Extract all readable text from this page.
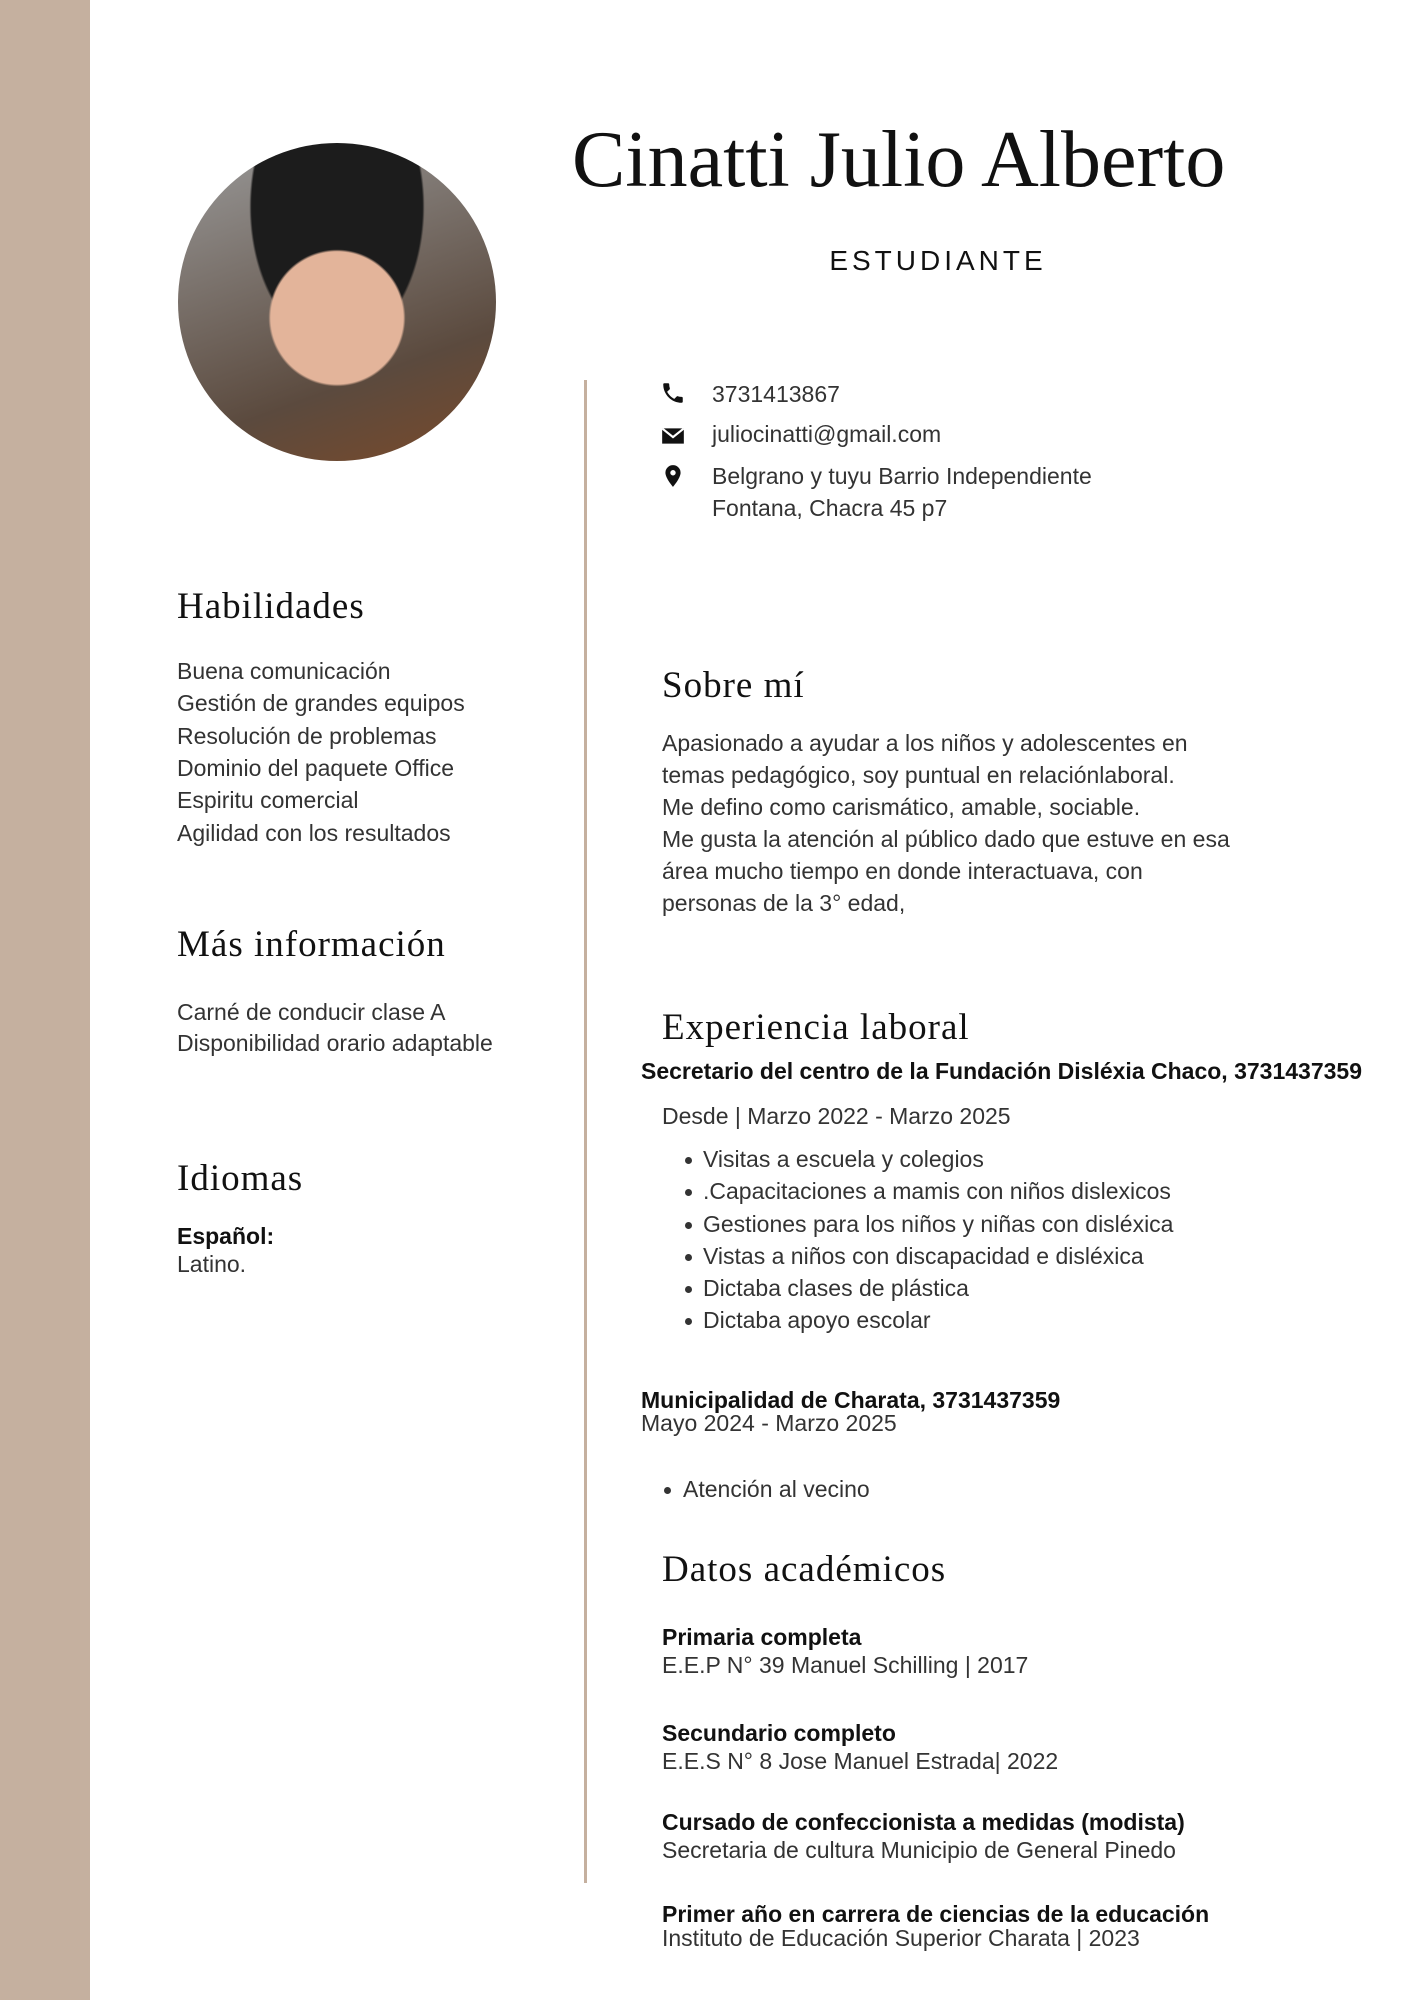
Cinatti Julio Alberto
ESTUDIANTE
3731413867
juliocinatti@gmail.com
Belgrano y tuyu Barrio Independiente
Fontana, Chacra 45 p7
Habilidades
Buena comunicación
Gestión de grandes equipos
Resolución de problemas
Dominio del paquete Office
Espiritu comercial
Agilidad con los resultados
Más información
Carné de conducir clase A
Disponibilidad orario adaptable
Idiomas
Español:
Latino.
Sobre mí
Apasionado a ayudar a los niños y adolescentes en
temas pedagógico, soy puntual en relaciónlaboral.
Me defino como carismático, amable, sociable.
Me gusta la atención al público dado que estuve en esa
área mucho tiempo en donde interactuava, con
personas de la 3° edad,
Experiencia laboral
Secretario del centro de la Fundación Disléxia Chaco, 3731437359
Desde | Marzo 2022 - Marzo 2025
Visitas a escuela y colegios
.Capacitaciones a mamis con niños dislexicos
Gestiones para los niños y niñas con disléxica
Vistas a niños con discapacidad e disléxica
Dictaba clases de plástica
Dictaba apoyo escolar
Municipalidad de Charata, 3731437359
Mayo 2024 - Marzo 2025
Atención al vecino
Datos académicos
Primaria completa
E.E.P N° 39 Manuel Schilling | 2017
Secundario completo
E.E.S N° 8 Jose Manuel Estrada| 2022
Cursado de confeccionista a medidas (modista)
Secretaria de cultura Municipio de General Pinedo
Primer año en carrera de ciencias de la educación
Instituto de Educación Superior Charata | 2023
